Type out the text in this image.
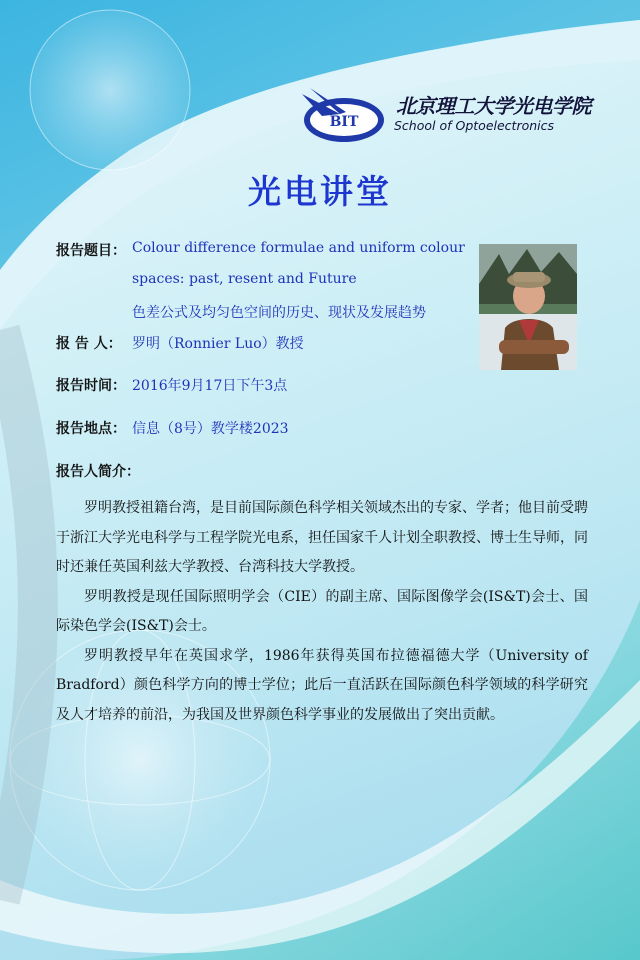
BIT
北京理工大学光电学院
School of Optoelectronics
光电讲堂
报告题目： Colour difference formulae and uniform colour
spaces: past, resent and Future
色差公式及均匀色空间的历史、现状及发展趋势
报 告 人： 罗明（Ronnier Luo）教授
报告时间： 2016年9月17日下午3点
报告地点： 信息（8号）教学楼2023
报告人简介：

罗明教授祖籍台湾，是目前国际颜色科学相关领域杰出的专家、学者；他目前受聘于浙江大学光电科学与工程学院光电系，担任国家千人计划全职教授、博士生导师，同时还兼任英国利兹大学教授、台湾科技大学教授。

罗明教授是现任国际照明学会（CIE）的副主席、国际图像学会(IS&T)会士、国际染色学会(IS&T)会士。

罗明教授早年在英国求学，1986年获得英国布拉德福德大学（University of Bradford）颜色科学方向的博士学位；此后一直活跃在国际颜色科学领域的科学研究及人才培养的前沿，为我国及世界颜色科学事业的发展做出了突出贡献。
